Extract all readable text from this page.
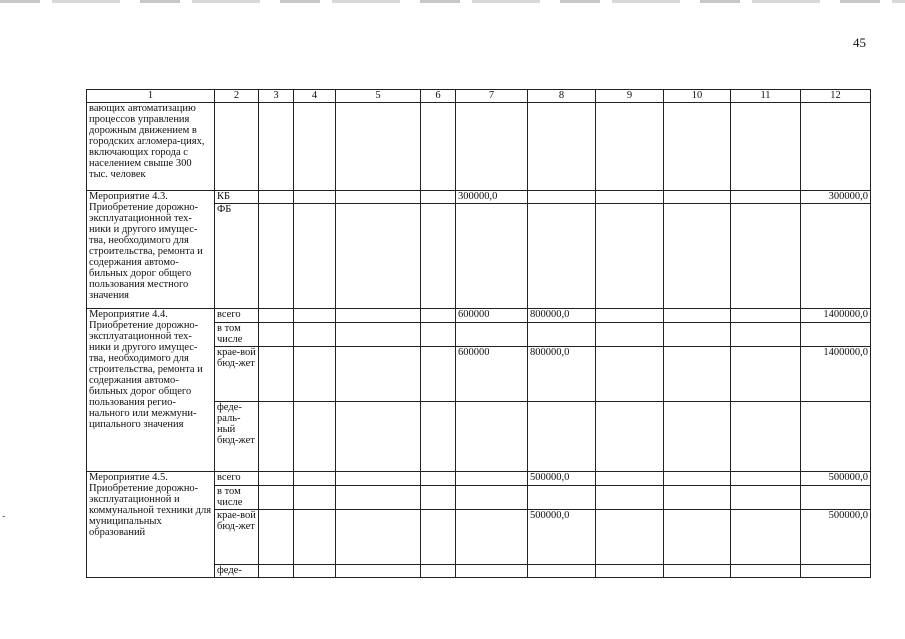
45
-
1	2	3	4	5	6	7	8	9	10	11	12
вающих автоматизацию процессов управления дорожным движением в городских агломера-циях, включающих города с населением свыше 300 тыс. человек											
Мероприятие 4.3. Приобретение дорожно-эксплуатационной тех-ники и другого имущес-тва, необходимого для строительства, ремонта и содержания автомо-бильных дорог общего пользования местного значения	КБ					300000,0					300000,0
	ФБ										
Мероприятие 4.4. Приобретение дорожно-эксплуатационной тех-ники и другого имущес-тва, необходимого для строительства, ремонта и содержания автомо-бильных дорог общего пользования регио-нального или межмуни-ципального значения	всего					600000	800000,0				1400000,0
	в том числе										
	крае-вой бюд-жет					600000	800000,0				1400000,0
	феде-раль-ный бюд-жет										
Мероприятие 4.5. Приобретение дорожно-эксплуатационной и коммунальной техники для муниципальных образований	всего						500000,0				500000,0
	в том числе										
	крае-вой бюд-жет						500000,0				500000,0
	феде-										
